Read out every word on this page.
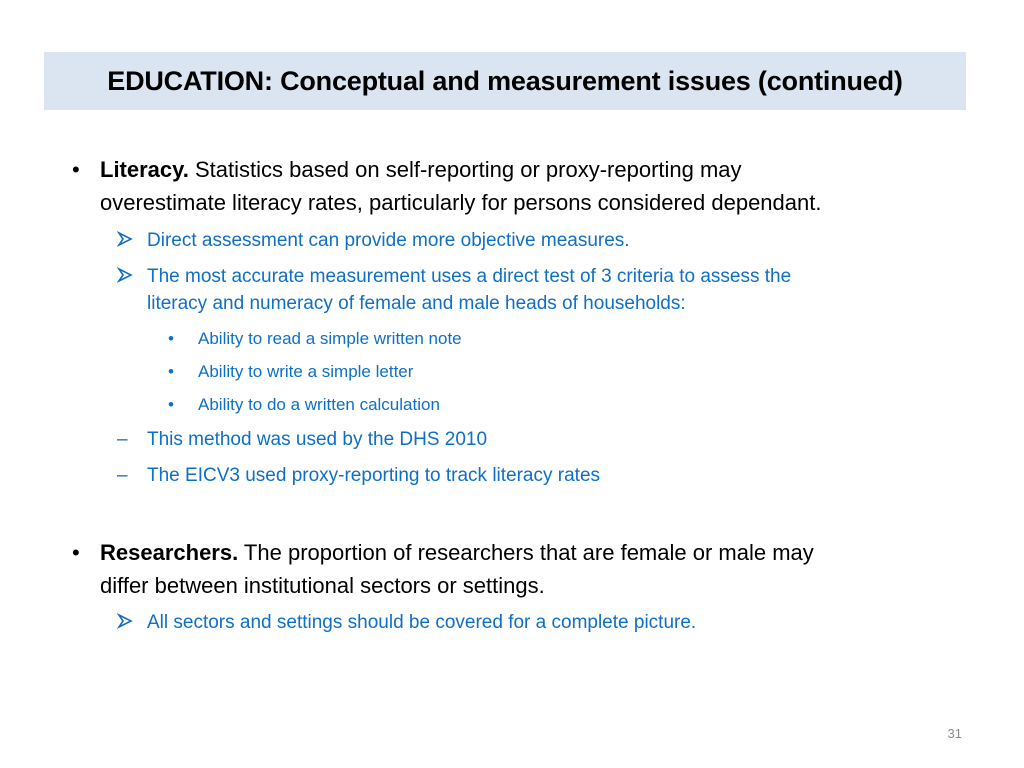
EDUCATION: Conceptual and measurement issues (continued)
• Literacy. Statistics based on self-reporting or proxy-reporting may
overestimate literacy rates, particularly for persons considered dependant.
Direct assessment can provide more objective measures.
The most accurate measurement uses a direct test of 3 criteria to assess the
literacy and numeracy of female and male heads of households:
•	Ability to read a simple written note
•	Ability to write a simple letter
•	Ability to do a written calculation
–	This method was used by the DHS 2010
–	The EICV3 used proxy-reporting to track literacy rates
• Researchers. The proportion of researchers that are female or male may
differ between institutional sectors or settings.
All sectors and settings should be covered for a complete picture.
31
